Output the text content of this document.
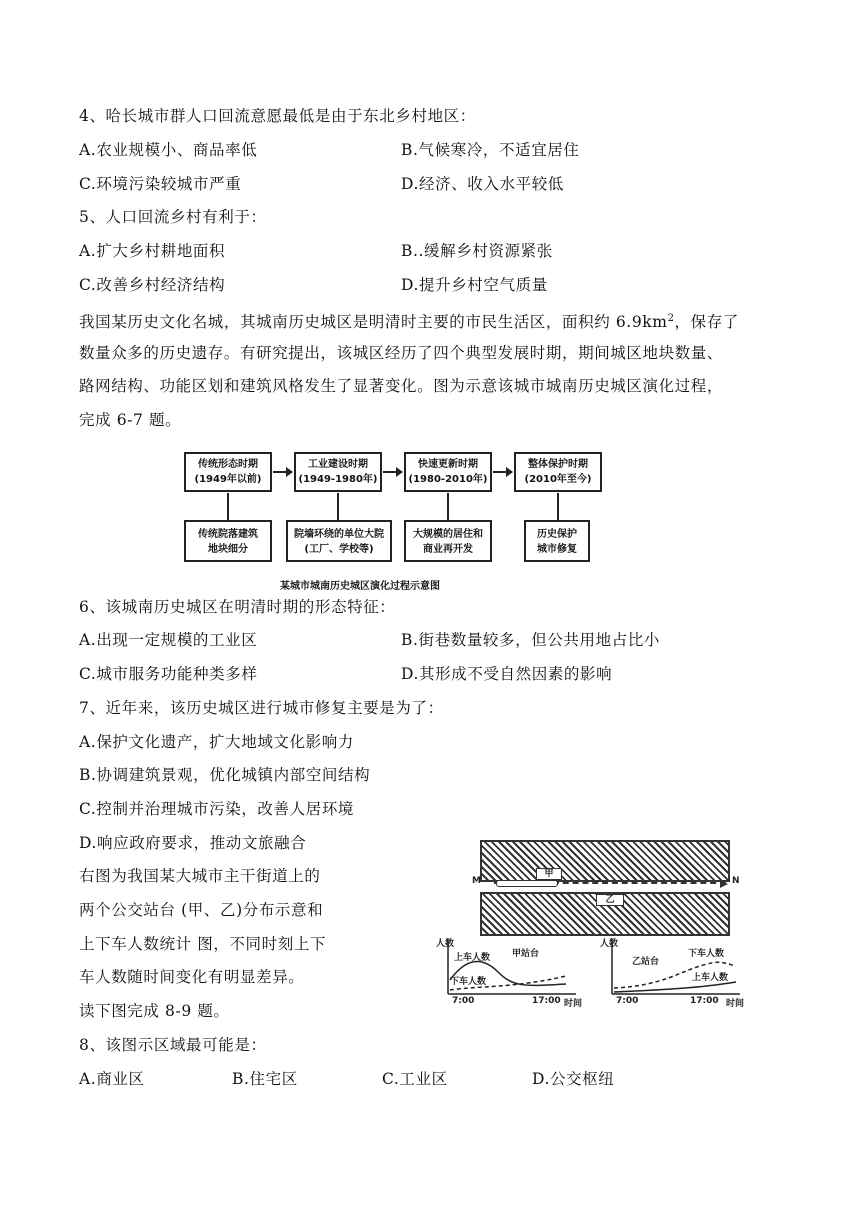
4、哈长城市群人口回流意愿最低是由于东北乡村地区：
A.农业规模小、商品率低	B.气候寒冷，不适宜居住
C.环境污染较城市严重	D.经济、收入水平较低
5、人口回流乡村有利于：
A.扩大乡村耕地面积	B..缓解乡村资源紧张
C.改善乡村经济结构	D.提升乡村空气质量
我国某历史文化名城，其城南历史城区是明清时主要的市民生活区，面积约 $6.9km^2$，保存了
数量众多的历史遗存。有研究提出，该城区经历了四个典型发展时期，期间城区地块数量、
路网结构、功能区划和建筑风格发生了显著变化。图为示意该城市城南历史城区演化过程，
完成 6-7 题。
传统形态时期
(1949年以前)
工业建设时期
(1949-1980年)
快速更新时期
(1980-2010年)
整体保护时期
(2010年至今)
传统院落建筑
地块细分
院墙环绕的单位大院
(工厂、学校等)
大规模的居住和
商业再开发
历史保护
城市修复
某城市城南历史城区演化过程示意图
6、该城南历史城区在明清时期的形态特征：
A.出现一定规模的工业区	B.街巷数量较多，但公共用地占比小
C.城市服务功能种类多样	D.其形成不受自然因素的影响
7、近年来，该历史城区进行城市修复主要是为了：
A.保护文化遗产，扩大地域文化影响力
B.协调建筑景观，优化城镇内部空间结构
C.控制并治理城市污染，改善人居环境
D.响应政府要求，推动文旅融合
右图为我国某大城市主干街道上的
两个公交站台 (甲、乙)分布示意和
上下车人数统计 图，不同时刻上下
车人数随时间变化有明显差异。
读下图完成 8-9 题。
M	N
甲
乙
人数
上车人数 甲站台
下车人数
7:00	17:00 时间
人数
乙站台
下车人数
上车人数
7:00	17:00 时间
8、该图示区域最可能是：
A.商业区	B.住宅区	C.工业区	D.公交枢纽
